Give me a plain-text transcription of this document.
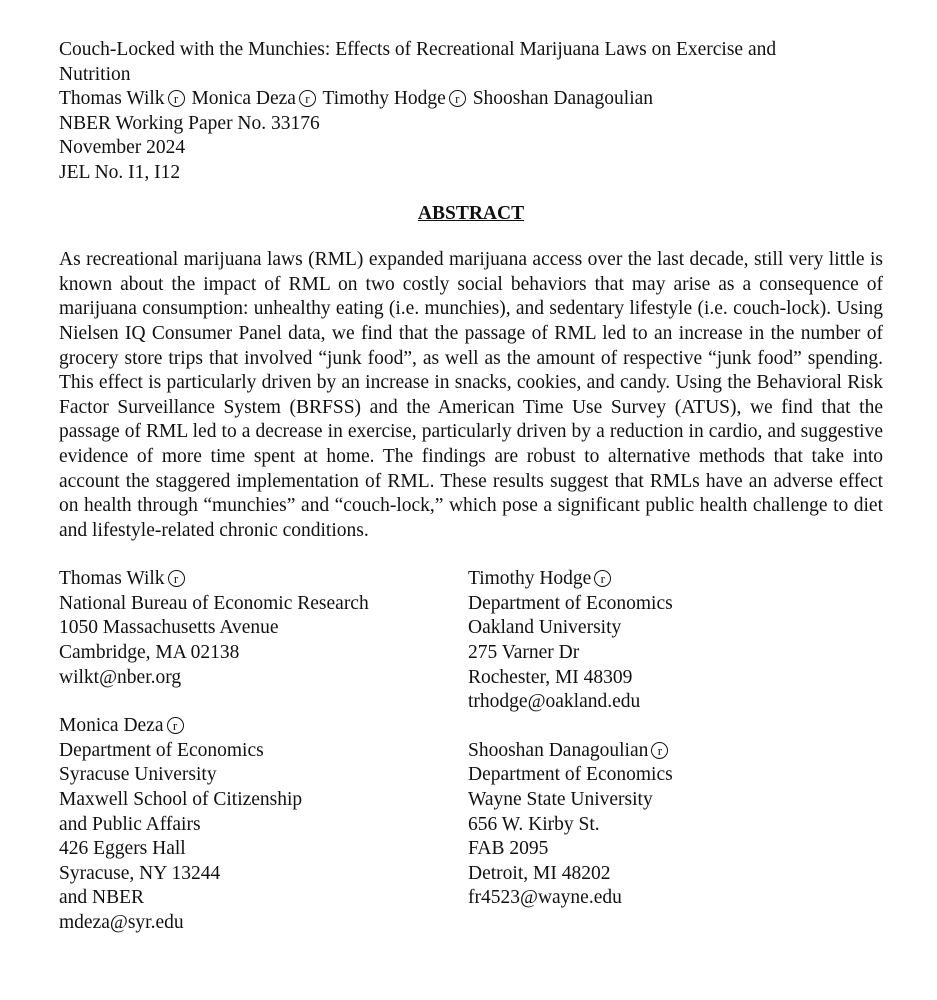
Couch-Locked with the Munchies: Effects of Recreational Marijuana Laws on Exercise and
Nutrition
Thomas Wilk r Monica Deza r Timothy Hodge r Shooshan Danagoulian
NBER Working Paper No. 33176
November 2024
JEL No. I1, I12
ABSTRACT
As recreational marijuana laws (RML) expanded marijuana access over the last decade, still very little is known about the impact of RML on two costly social behaviors that may arise as a consequence of marijuana consumption: unhealthy eating (i.e. munchies), and sedentary lifestyle (i.e. couch-lock). Using Nielsen IQ Consumer Panel data, we find that the passage of RML led to an increase in the number of grocery store trips that involved “junk food”, as well as the amount of respective “junk food” spending. This effect is particularly driven by an increase in snacks, cookies, and candy. Using the Behavioral Risk Factor Surveillance System (BRFSS) and the American Time Use Survey (ATUS), we find that the passage of RML led to a decrease in exercise, particularly driven by a reduction in cardio, and suggestive evidence of more time spent at home. The findings are robust to alternative methods that take into account the staggered implementation of RML. These results suggest that RMLs have an adverse effect on health through “munchies” and “couch-lock,” which pose a significant public health challenge to diet and lifestyle-related chronic conditions.
Thomas Wilk r
National Bureau of Economic Research
1050 Massachusetts Avenue
Cambridge, MA 02138
wilkt@nber.org
Monica Deza r
Department of Economics
Syracuse University
Maxwell School of Citizenship
and Public Affairs
426 Eggers Hall
Syracuse, NY 13244
and NBER
mdeza@syr.edu
Timothy Hodge r
Department of Economics
Oakland University
275 Varner Dr
Rochester, MI 48309
trhodge@oakland.edu
Shooshan Danagoulian r
Department of Economics
Wayne State University
656 W. Kirby St.
FAB 2095
Detroit, MI 48202
fr4523@wayne.edu
